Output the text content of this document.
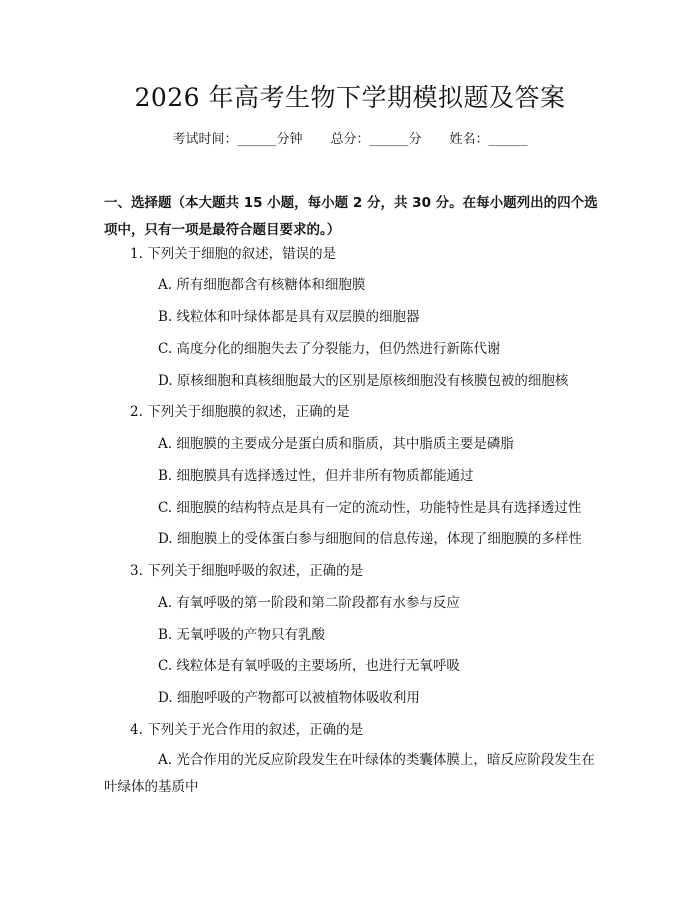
2026 年高考生物下学期模拟题及答案
考试时间：______分钟 总分：______分 姓名：______
一、选择题（本大题共 15 小题，每小题 2 分，共 30 分。在每小题列出的四个选项中，只有一项是最符合题目要求的。）
1. 下列关于细胞的叙述，错误的是
A. 所有细胞都含有核糖体和细胞膜
B. 线粒体和叶绿体都是具有双层膜的细胞器
C. 高度分化的细胞失去了分裂能力，但仍然进行新陈代谢
D. 原核细胞和真核细胞最大的区别是原核细胞没有核膜包被的细胞核
2. 下列关于细胞膜的叙述，正确的是
A. 细胞膜的主要成分是蛋白质和脂质，其中脂质主要是磷脂
B. 细胞膜具有选择透过性，但并非所有物质都能通过
C. 细胞膜的结构特点是具有一定的流动性，功能特性是具有选择透过性
D. 细胞膜上的受体蛋白参与细胞间的信息传递，体现了细胞膜的多样性
3. 下列关于细胞呼吸的叙述，正确的是
A. 有氧呼吸的第一阶段和第二阶段都有水参与反应
B. 无氧呼吸的产物只有乳酸
C. 线粒体是有氧呼吸的主要场所，也进行无氧呼吸
D. 细胞呼吸的产物都可以被植物体吸收利用
4. 下列关于光合作用的叙述，正确的是
A. 光合作用的光反应阶段发生在叶绿体的类囊体膜上，暗反应阶段发生在叶绿体的基质中
